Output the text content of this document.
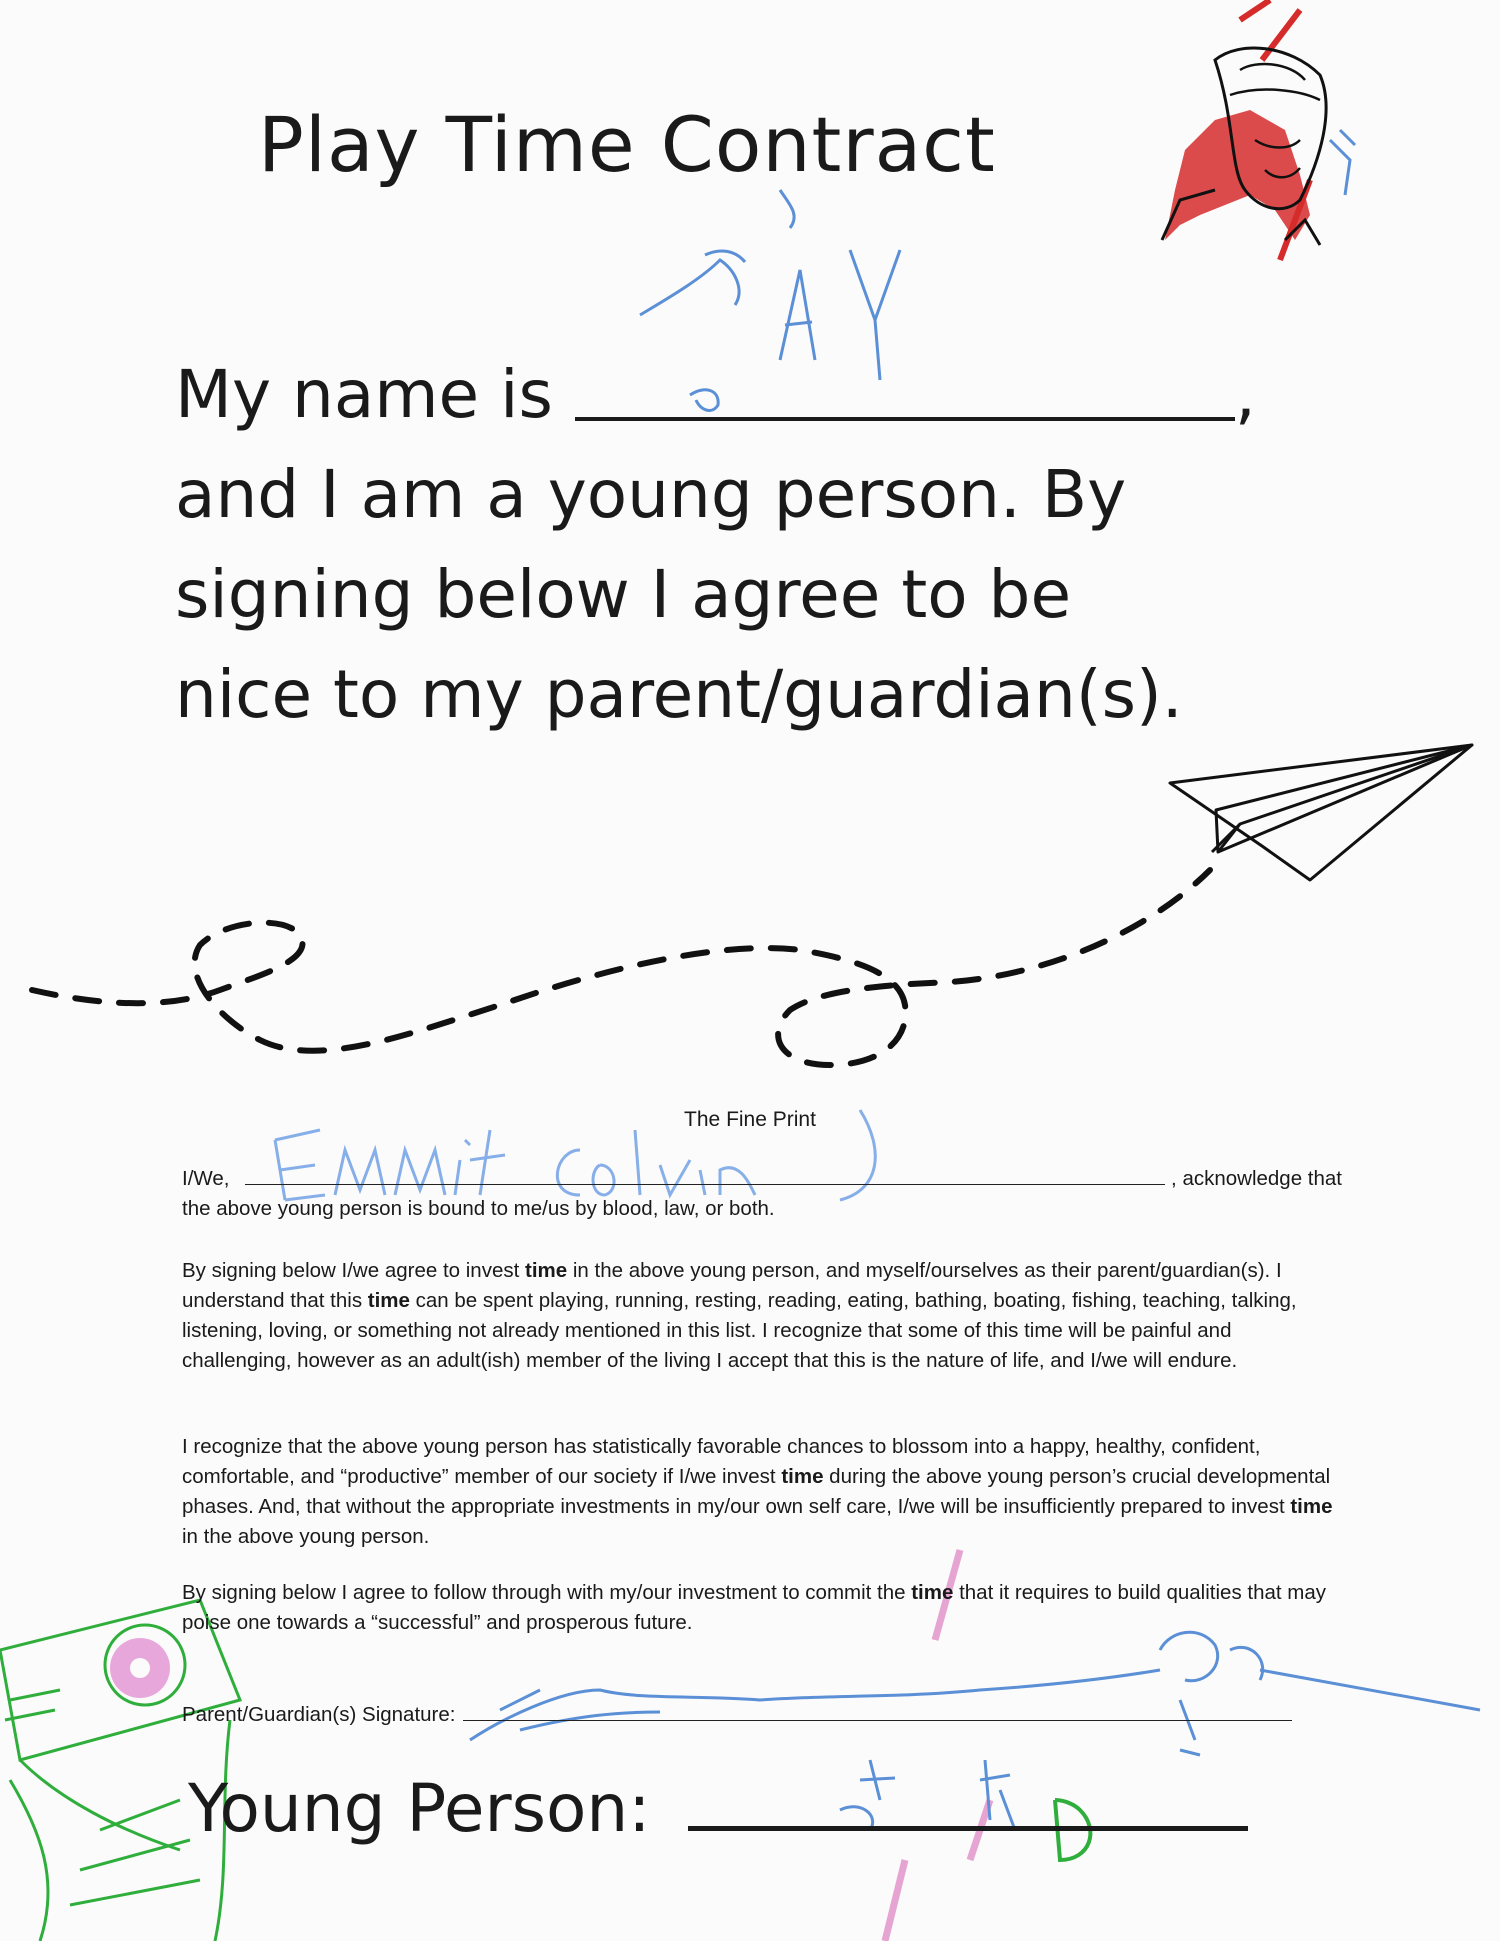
Play Time Contract

My name is	,
and I am a young person. By
signing below I agree to be
nice to my parent/guardian(s).

The Fine Print

I/We,	, acknowledge that
the above young person is bound to me/us by blood, law, or both.

By signing below I/we agree to invest time in the above young person, and myself/ourselves as their parent/guardian(s). I understand that this time can be spent playing, running, resting, reading, eating, bathing, boating, fishing, teaching, talking, listening, loving, or something not already mentioned in this list. I recognize that some of this time will be painful and challenging, however as an adult(ish) member of the living I accept that this is the nature of life, and I/we will endure.

I recognize that the above young person has statistically favorable chances to blossom into a happy, healthy, confident, comfortable, and “productive” member of our society if I/we invest time during the above young person’s crucial developmental phases. And, that without the appropriate investments in my/our own self care, I/we will be insufficiently prepared to invest time in the above young person.

By signing below I agree to follow through with my/our investment to commit the time that it requires to build qualities that may poise one towards a “successful” and prosperous future.

Parent/Guardian(s) Signature:
Young Person:
